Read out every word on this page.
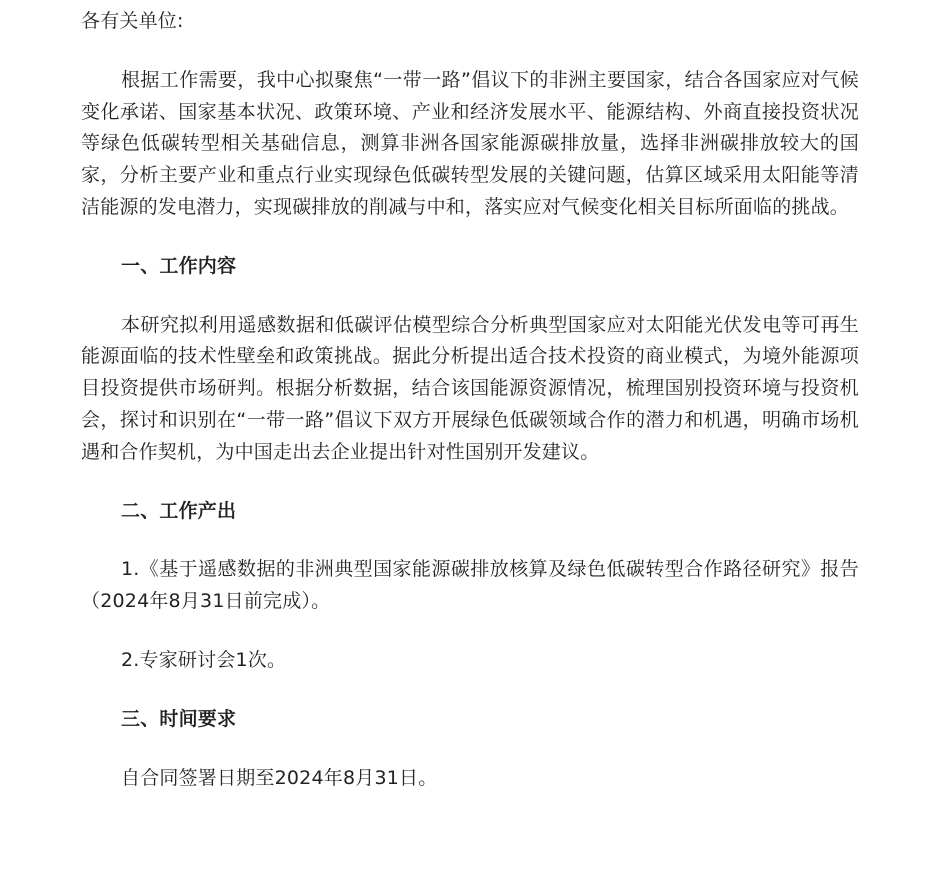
各有关单位:

根据工作需要，我中心拟聚焦“一带一路”倡议下的非洲主要国家，结合各国家应对气候变化承诺、国家基本状况、政策环境、产业和经济发展水平、能源结构、外商直接投资状况等绿色低碳转型相关基础信息，测算非洲各国家能源碳排放量，选择非洲碳排放较大的国家，分析主要产业和重点行业实现绿色低碳转型发展的关键问题，估算区域采用太阳能等清洁能源的发电潜力，实现碳排放的削减与中和，落实应对气候变化相关目标所面临的挑战。

一、工作内容

本研究拟利用遥感数据和低碳评估模型综合分析典型国家应对太阳能光伏发电等可再生能源面临的技术性壁垒和政策挑战。据此分析提出适合技术投资的商业模式，为境外能源项目投资提供市场研判。根据分析数据，结合该国能源资源情况，梳理国别投资环境与投资机会，探讨和识别在“一带一路”倡议下双方开展绿色低碳领域合作的潜力和机遇，明确市场机遇和合作契机，为中国走出去企业提出针对性国别开发建议。

二、工作产出

1.《基于遥感数据的非洲典型国家能源碳排放核算及绿色低碳转型合作路径研究》报告（2024年8月31日前完成）。

2.专家研讨会1次。

三、时间要求

自合同签署日期至2024年8月31日。
